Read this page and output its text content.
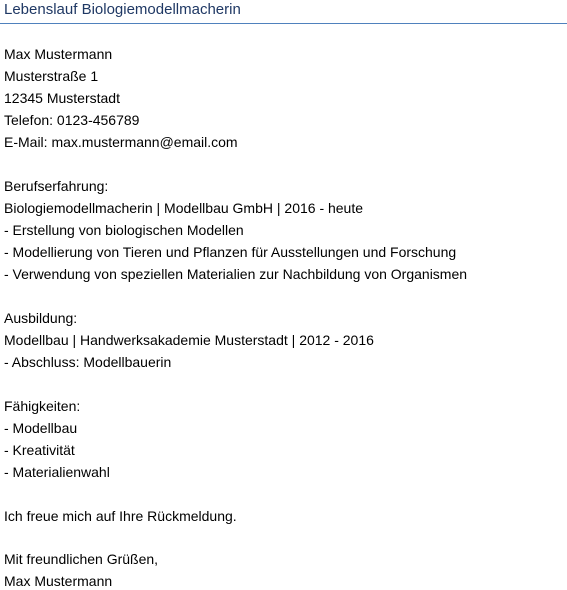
Lebenslauf Biologiemodellmacherin
Max Mustermann
Musterstraße 1
12345 Musterstadt
Telefon: 0123-456789
E-Mail: max.mustermann@email.com
Berufserfahrung:
Biologiemodellmacherin | Modellbau GmbH | 2016 - heute
- Erstellung von biologischen Modellen
- Modellierung von Tieren und Pflanzen für Ausstellungen und Forschung
- Verwendung von speziellen Materialien zur Nachbildung von Organismen
Ausbildung:
Modellbau | Handwerksakademie Musterstadt | 2012 - 2016
- Abschluss: Modellbauerin
Fähigkeiten:
- Modellbau
- Kreativität
- Materialienwahl
Ich freue mich auf Ihre Rückmeldung.
Mit freundlichen Grüßen,
Max Mustermann
